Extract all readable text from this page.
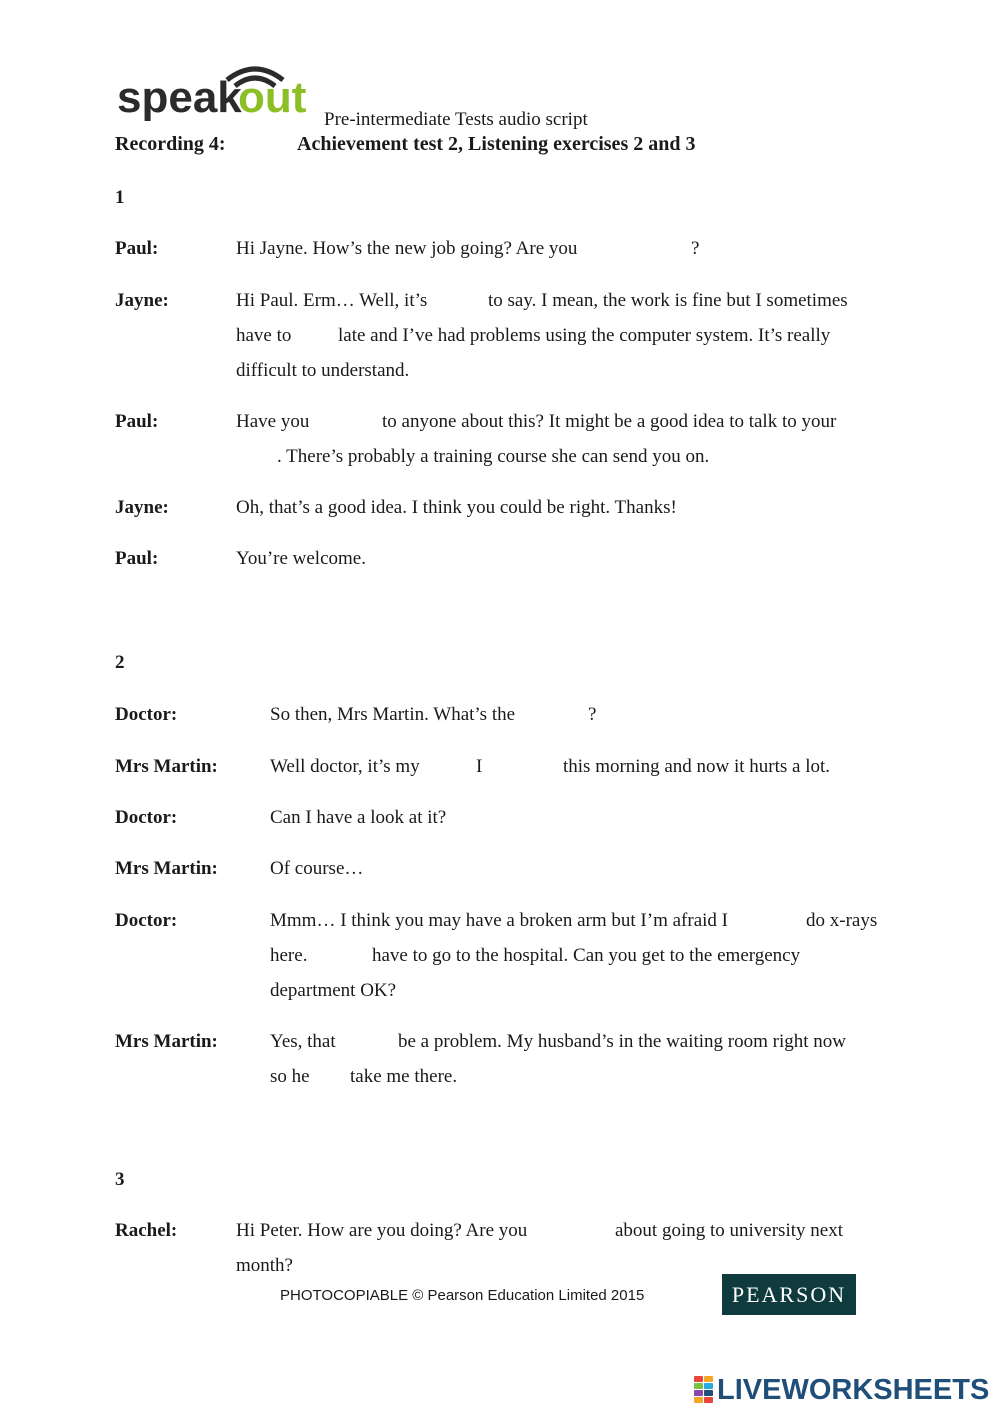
speak
out Pre-intermediate Tests audio script
Recording 4:	Achievement test 2, Listening exercises 2 and 3
1
Paul:	Hi Jayne. How’s the new job going? Are you	?
Jayne:	Hi Paul. Erm… Well, it’s	to say. I mean, the work is fine but I sometimes
have to late and I’ve had problems using the computer system. It’s really
difficult to understand.
Paul:	Have you	to anyone about this? It might be a good idea to talk to your
. There’s probably a training course she can send you on.
Jayne:	Oh, that’s a good idea. I think you could be right. Thanks!
Paul:	You’re welcome.
2
Doctor:	So then, Mrs Martin. What’s the	?
Mrs Martin:	Well doctor, it’s my	I	this morning and now it hurts a lot.
Doctor:	Can I have a look at it?
Mrs Martin:	Of course…
Doctor:	Mmm… I think you may have a broken arm but I’m afraid I	do x-rays
here.	have to go to the hospital. Can you get to the emergency
department OK?
Mrs Martin:	Yes, that	be a problem. My husband’s in the waiting room right now
so he take me there.
3
Rachel:	Hi Peter. How are you doing? Are you	about going to university next
month?
PHOTOCOPIABLE © Pearson Education Limited 2015	PEARSON
LIVEWORKSHEETS
